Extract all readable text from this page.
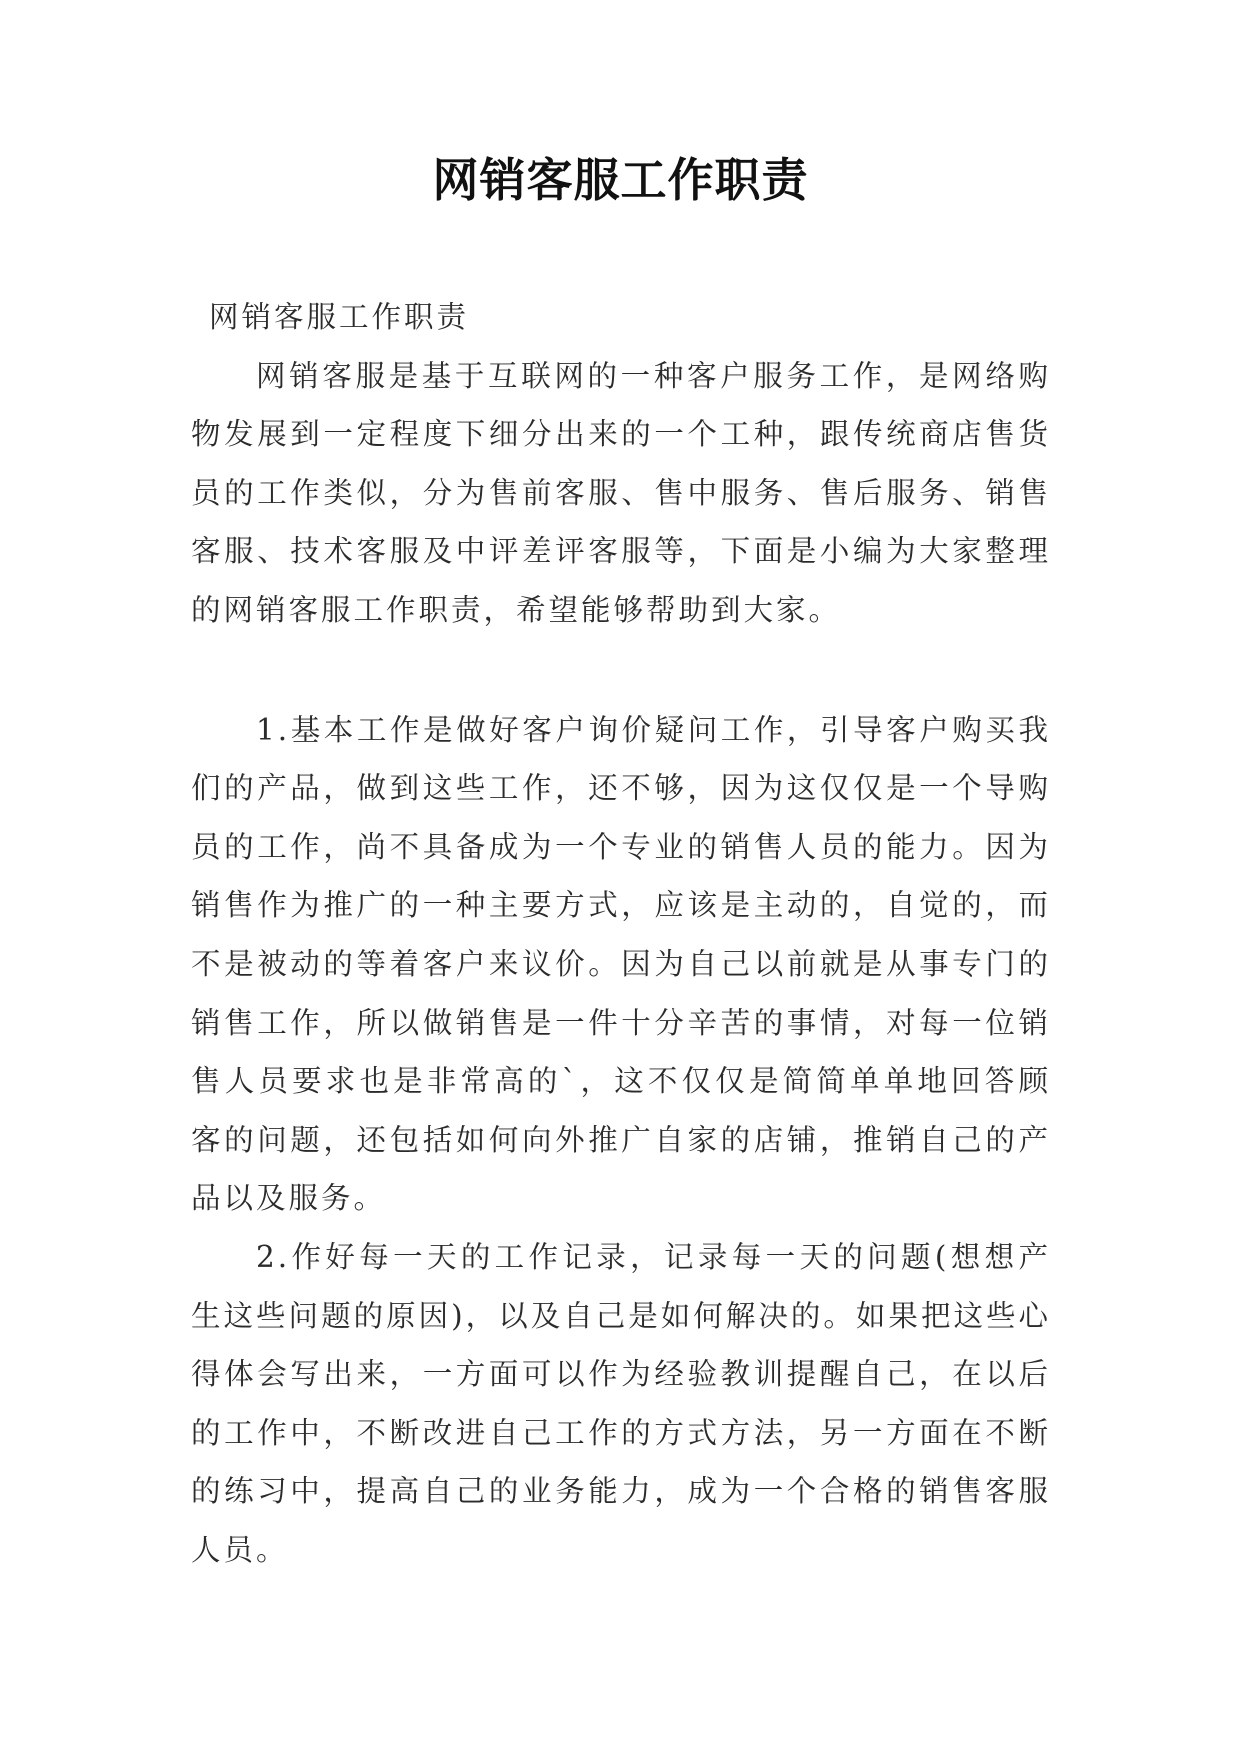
网销客服工作职责

网销客服工作职责

网销客服是基于互联网的一种客户服务工作，是网络购物发展到一定程度下细分出来的一个工种，跟传统商店售货员的工作类似，分为售前客服、售中服务、售后服务、销售客服、技术客服及中评差评客服等，下面是小编为大家整理的网销客服工作职责，希望能够帮助到大家。

1.基本工作是做好客户询价疑问工作，引导客户购买我们的产品，做到这些工作，还不够，因为这仅仅是一个导购员的工作，尚不具备成为一个专业的销售人员的能力。因为销售作为推广的一种主要方式，应该是主动的，自觉的，而不是被动的等着客户来议价。因为自己以前就是从事专门的销售工作，所以做销售是一件十分辛苦的事情，对每一位销售人员要求也是非常高的`，这不仅仅是简简单单地回答顾客的问题，还包括如何向外推广自家的店铺，推销自己的产品以及服务。

2.作好每一天的工作记录，记录每一天的问题(想想产生这些问题的原因)，以及自己是如何解决的。如果把这些心得体会写出来，一方面可以作为经验教训提醒自己，在以后的工作中，不断改进自己工作的方式方法，另一方面在不断的练习中，提高自己的业务能力，成为一个合格的销售客服人员。
